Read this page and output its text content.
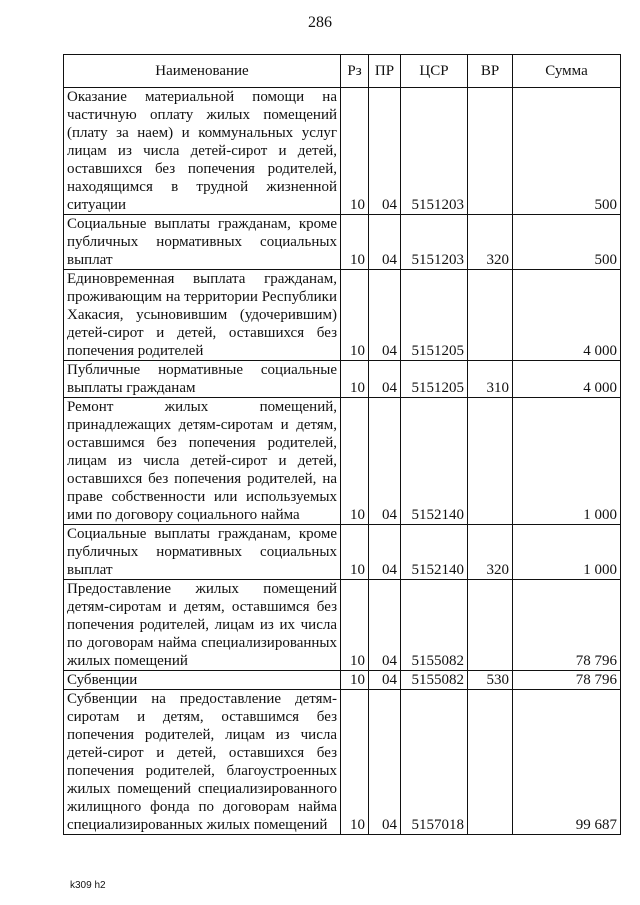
286
Наименование	Рз	ПР	ЦСР	ВР	Сумма
Оказание материальной помощи на частичную оплату жилых помещений (плату за наем) и коммунальных услуг лицам из числа детей-сирот и детей, оставшихся без попечения родителей, находящимся в трудной жизненной ситуации	10	04	5151203		500
Социальные выплаты гражданам, кроме публичных нормативных социальных выплат	10	04	5151203	320	500
Единовременная выплата гражданам, проживающим на территории Республики Хакасия, усыновившим (удочерившим) детей-сирот и детей, оставшихся без попечения родителей	10	04	5151205		4 000
Публичные нормативные социальные выплаты гражданам	10	04	5151205	310	4 000
Ремонт жилых помещений, принадлежащих детям-сиротам и детям, оставшимся без попечения родителей, лицам из числа детей-сирот и детей, оставшихся без попечения родителей, на праве собственности или используемых ими по договору социального найма	10	04	5152140		1 000
Социальные выплаты гражданам, кроме публичных нормативных социальных выплат	10	04	5152140	320	1 000
Предоставление жилых помещений детям-сиротам и детям, оставшимся без попечения родителей, лицам из их числа по договорам найма специализированных жилых помещений	10	04	5155082		78 796
Субвенции	10	04	5155082	530	78 796
Субвенции на предоставление детям-сиротам и детям, оставшимся без попечения родителей, лицам из числа детей-сирот и детей, оставшихся без попечения родителей, благоустроенных жилых помещений специализированного жилищного фонда по договорам найма специализированных жилых помещений	10	04	5157018		99 687
k309 h2
